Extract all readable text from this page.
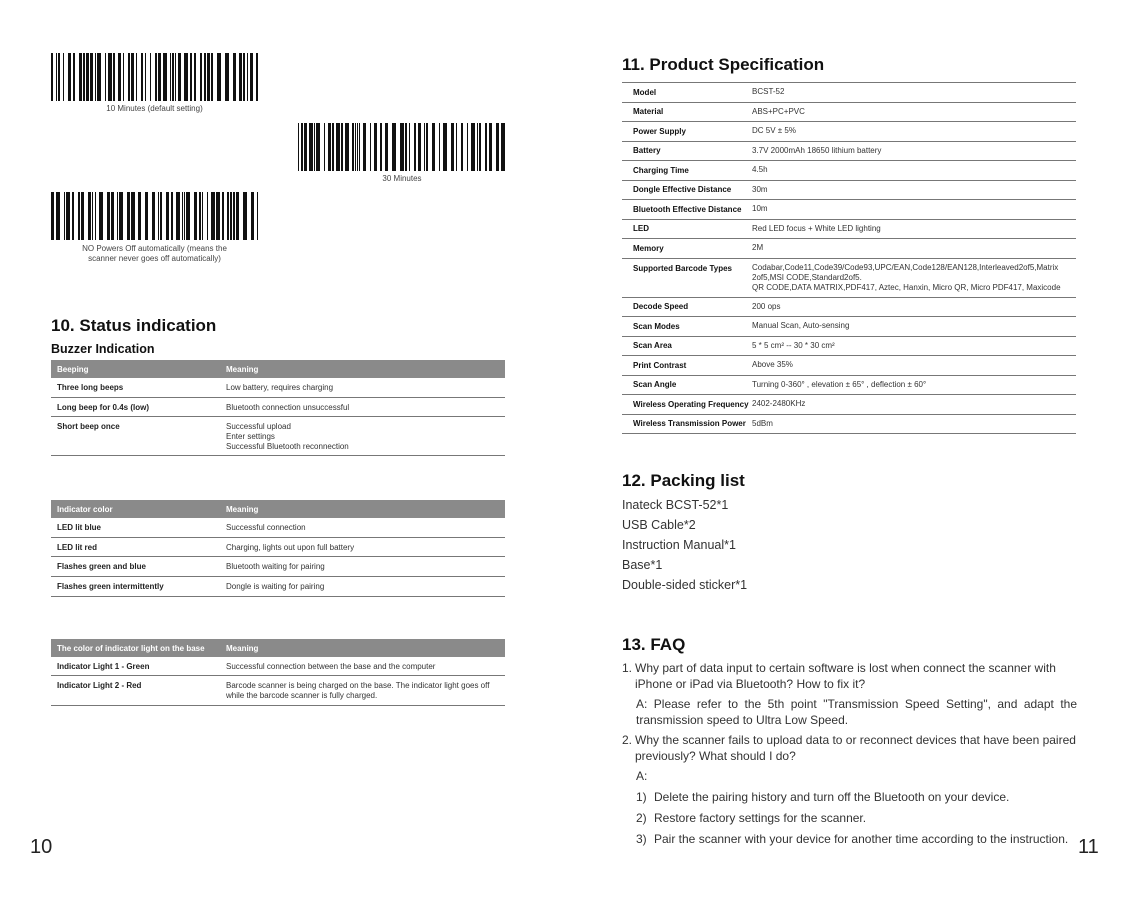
10 Minutes (default setting)
30 Minutes
NO Powers Off automatically (means the
scanner never goes off automatically)
10. Status indication
Buzzer Indication
Beeping	Meaning
Three long beeps	Low battery, requires charging
Long beep for 0.4s (low)	Bluetooth connection unsuccessful
Short beep once	Successful upload
Enter settings
Successful Bluetooth reconnection
Indicator color	Meaning
LED lit blue	Successful connection
LED lit red	Charging, lights out upon full battery
Flashes green and blue	Bluetooth waiting for pairing
Flashes green intermittently	Dongle is waiting for pairing
The color of indicator light on the base	Meaning
Indicator Light 1 - Green	Successful connection between the base and the computer
Indicator Light 2 - Red	Barcode scanner is being charged on the base. The indicator light goes off
while the barcode scanner is fully charged.
10
11. Product Specification
Model	BCST-52
Material	ABS+PC+PVC
Power Supply	DC 5V ± 5%
Battery	3.7V 2000mAh 18650 lithium battery
Charging Time	4.5h
Dongle Effective Distance	30m
Bluetooth Effective Distance	10m
LED	Red LED focus + White LED lighting
Memory	2M
Supported Barcode Types	Codabar,Code11,Code39/Code93,UPC/EAN,Code128/EAN128,Interleaved2of5,Matrix
2of5,MSI CODE,Standard2of5.
QR CODE,DATA MATRIX,PDF417, Aztec, Hanxin, Micro QR, Micro PDF417, Maxicode
Decode Speed	200 ops
Scan Modes	Manual Scan, Auto-sensing
Scan Area	5 * 5 cm² -- 30 * 30 cm²
Print Contrast	Above 35%
Scan Angle	Turning 0-360° , elevation ± 65° , deflection ± 60°
Wireless Operating Frequency 2402-2480KHz
Wireless Transmission Power 5dBm
12. Packing list
Inateck BCST-52*1
USB Cable*2
Instruction Manual*1
Base*1
Double-sided sticker*1
13. FAQ
1. Why part of data input to certain software is lost when connect the scanner with iPhone or iPad via Bluetooth? How to fix it?
A: Please refer to the 5th point "Transmission Speed Setting", and adapt the transmission speed to Ultra Low Speed.
2. Why the scanner fails to upload data to or reconnect devices that have been paired previously? What should I do?
A:
1) Delete the pairing history and turn off the Bluetooth on your device.
2) Restore factory settings for the scanner.
3) Pair the scanner with your device for another time according to the instruction. 11
